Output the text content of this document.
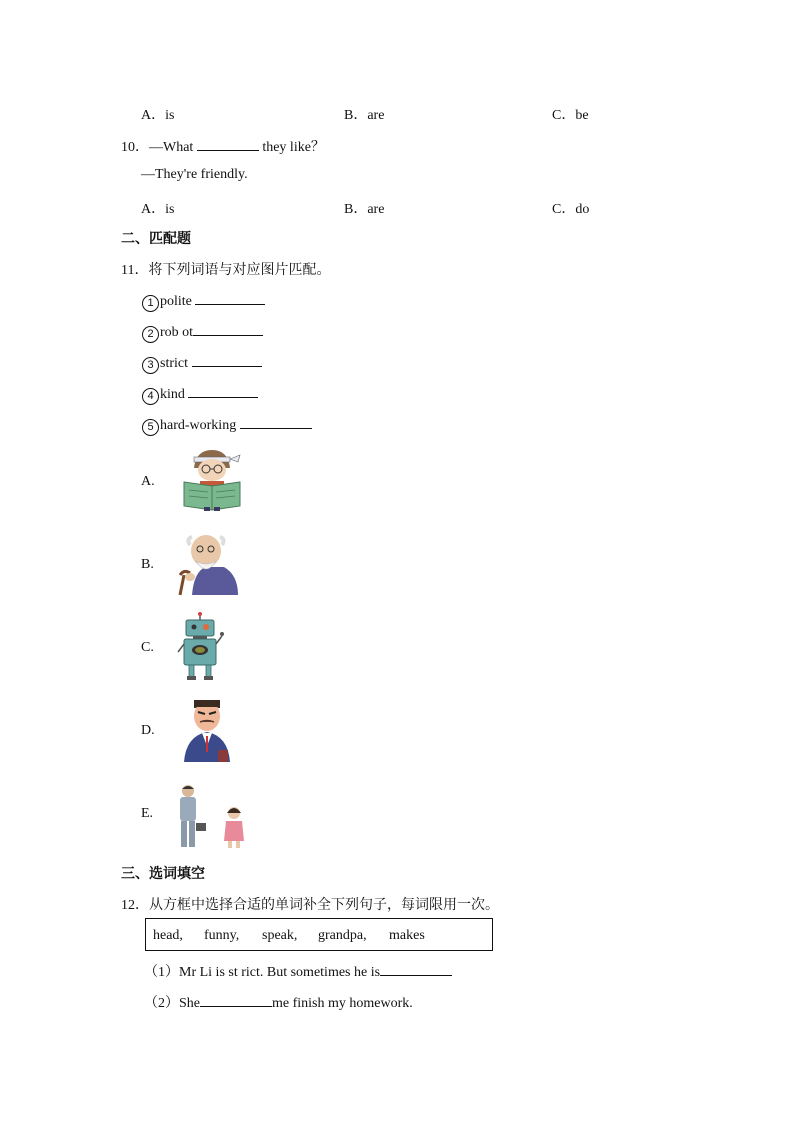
A．is	B．are	C．be
10．—What	they like？
—They're friendly.
A．is	B．are	C．do
二、匹配题
11．将下列词语与对应图片匹配。
1 polite
2 rob ot
3 strict
4 kind
5 hard-working
A.
B.
C.
D.
E.
三、选词填空
12．从方框中选择合适的单词补全下列句子，每词限用一次。
head, funny, speak, grandpa, makes
（1）Mr Li is st rict. But sometimes he is
（2）She	me finish my homework.
